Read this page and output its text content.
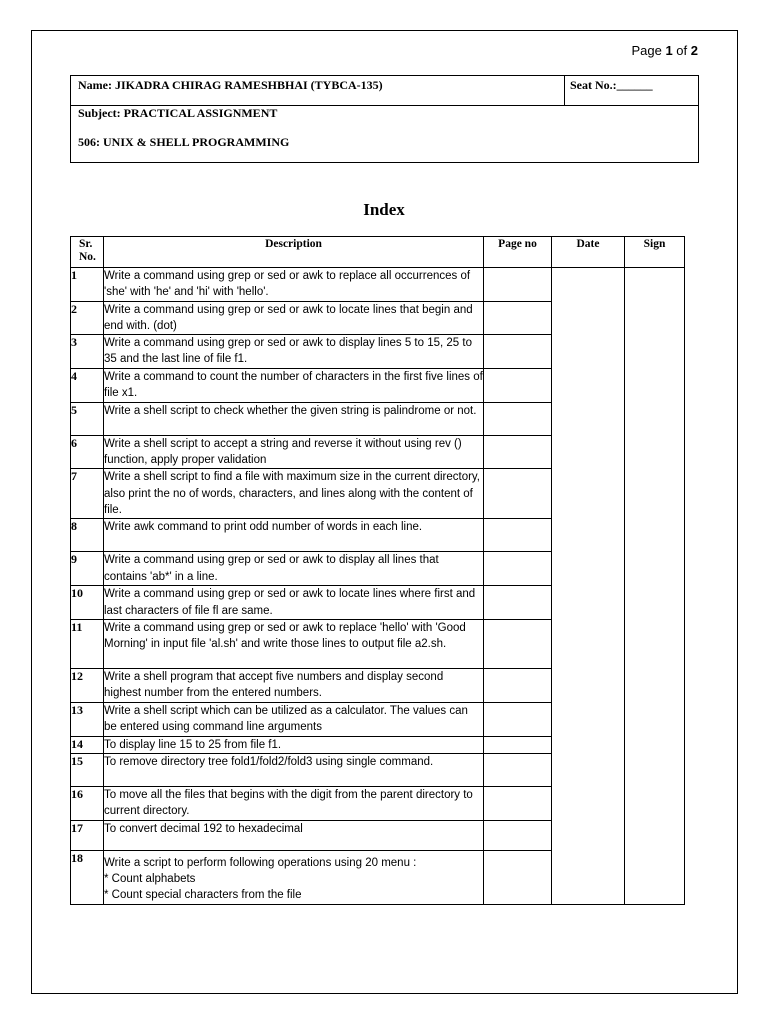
Page 1 of 2
Name: JIKADRA CHIRAG RAMESHBHAI (TYBCA-135)	Seat No.:______
Subject: PRACTICAL ASSIGNMENT
506: UNIX & SHELL PROGRAMMING
Index
Sr. No.	Description	Page no	Date	Sign
1	Write a command using grep or sed or awk to replace all occurrences of 'she' with 'he' and 'hi' with 'hello'.			
2	Write a command using grep or sed or awk to locate lines that begin and end with. (dot)			
3	Write a command using grep or sed or awk to display lines 5 to 15, 25 to 35 and the last line of file f1.			
4	Write a command to count the number of characters in the first five lines of file x1.			
5	Write a shell script to check whether the given string is palindrome or not.			
6	Write a shell script to accept a string and reverse it without using rev () function, apply proper validation			
7	Write a shell script to find a file with maximum size in the current directory, also print the no of words, characters, and lines along with the content of file.			
8	Write awk command to print odd number of words in each line.			
9	Write a command using grep or sed or awk to display all lines that contains 'ab*' in a line.			
10	Write a command using grep or sed or awk to locate lines where first and last characters of file fl are same.			
11	Write a command using grep or sed or awk to replace 'hello' with 'Good Morning' in input file 'al.sh' and write those lines to output file a2.sh.			
12	Write a shell program that accept five numbers and display second highest number from the entered numbers.			
13	Write a shell script which can be utilized as a calculator. The values can be entered using command line arguments			
14	To display line 15 to 25 from file f1.			
15	To remove directory tree fold1/fold2/fold3 using single command.			
16	To move all the files that begins with the digit from the parent directory to current directory.			
17	To convert decimal 192 to hexadecimal			
18	Write a script to perform following operations using 20 menu :
* Count alphabets
* Count special characters from the file			
